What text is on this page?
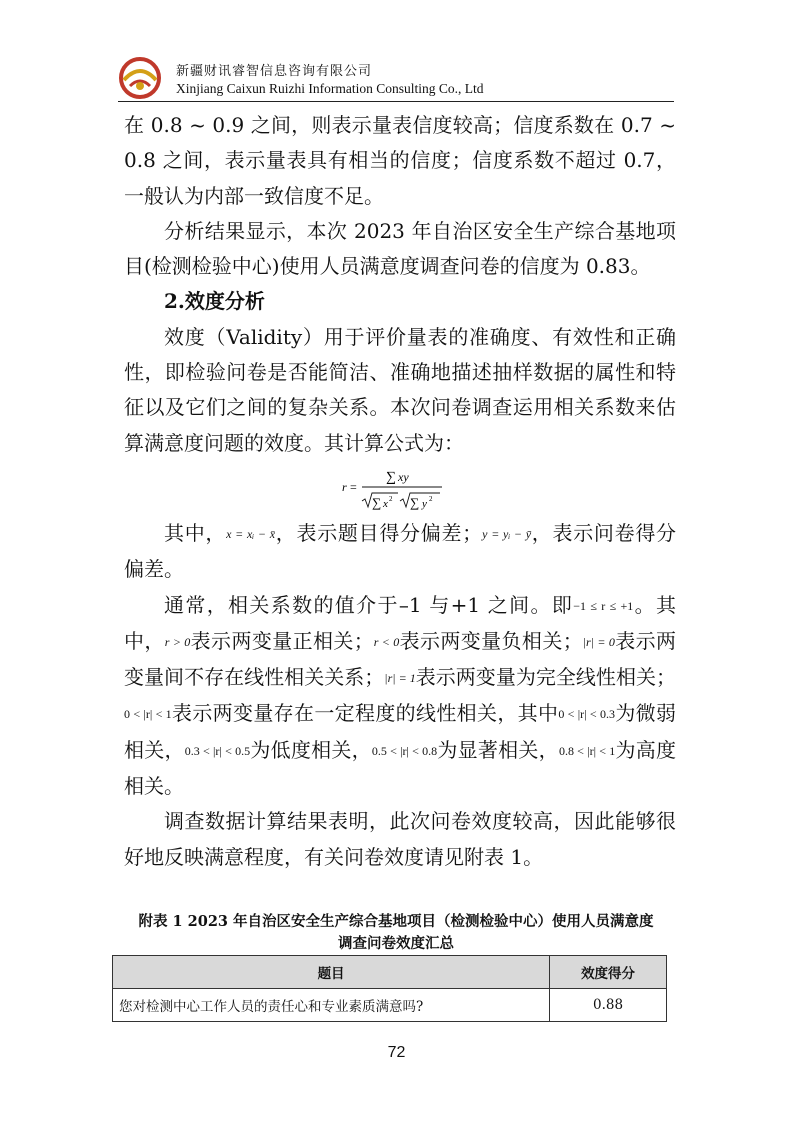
新疆财讯睿智信息咨询有限公司
Xinjiang Caixun Ruizhi Information Consulting Co., Ltd

在 0.8 ~ 0.9 之间，则表示量表信度较高；信度系数在 0.7 ~ 0.8 之间，表示量表具有相当的信度；信度系数不超过 0.7，一般认为内部一致信度不足。

分析结果显示，本次 2023 年自治区安全生产综合基地项目(检测检验中心)使用人员满意度调查问卷的信度为 0.83。

2.效度分析

效度（Validity）用于评价量表的准确度、有效性和正确性，即检验问卷是否能简洁、准确地描述抽样数据的属性和特征以及它们之间的复杂关系。本次问卷调查运用相关系数来估算满意度问题的效度。其计算公式为：

r =
∑ xy
∑ x 2 ∑ y 2

其中，x = xᵢ − x̄，表示题目得分偏差；y = yᵢ − ȳ，表示问卷得分偏差。

通常，相关系数的值介于–1 与+1 之间。即−1 ≤ r ≤ +1。其中，r > 0表示两变量正相关；r < 0表示两变量负相关；|r| = 0表示两变量间不存在线性相关关系；|r| = 1表示两变量为完全线性相关；0 < |r| < 1表示两变量存在一定程度的线性相关，其中0 < |r| < 0.3为微弱相关，0.3 < |r| < 0.5为低度相关，0.5 < |r| < 0.8为显著相关，0.8 < |r| < 1为高度相关。

调查数据计算结果表明，此次问卷效度较高，因此能够很好地反映满意程度，有关问卷效度请见附表 1。

附表 1 2023 年自治区安全生产综合基地项目（检测检验中心）使用人员满意度
调查问卷效度汇总
题目	效度得分
您对检测中心工作人员的责任心和专业素质满意吗?	0.88
72
